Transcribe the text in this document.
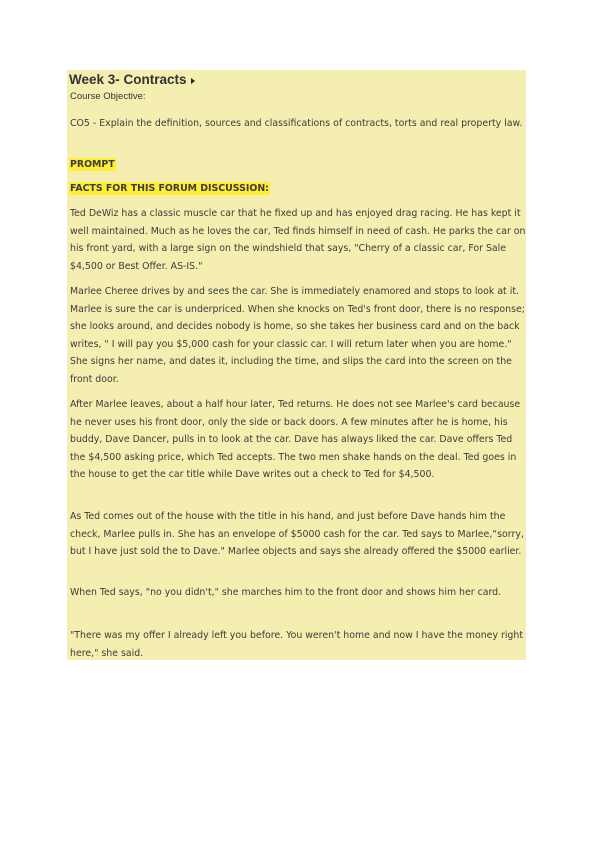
Week 3- Contracts
Course Objective:
CO5 - Explain the definition, sources and classifications of contracts, torts and real property law.
PROMPT
FACTS FOR THIS FORUM DISCUSSION:
Ted DeWiz has a classic muscle car that he fixed up and has enjoyed drag racing. He has kept it well maintained. Much as he loves the car, Ted finds himself in need of cash. He parks the car on his front yard, with a large sign on the windshield that says, "Cherry of a classic car, For Sale $4,500 or Best Offer. AS-IS."
Marlee Cheree drives by and sees the car. She is immediately enamored and stops to look at it. Marlee is sure the car is underpriced. When she knocks on Ted's front door, there is no response; she looks around, and decides nobody is home, so she takes her business card and on the back writes, " I will pay you $5,000 cash for your classic car. I will return later when you are home." She signs her name, and dates it, including the time, and slips the card into the screen on the front door.
After Marlee leaves, about a half hour later, Ted returns. He does not see Marlee's card because he never uses his front door, only the side or back doors. A few minutes after he is home, his buddy, Dave Dancer, pulls in to look at the car. Dave has always liked the car. Dave offers Ted the $4,500 asking price, which Ted accepts. The two men shake hands on the deal. Ted goes in the house to get the car title while Dave writes out a check to Ted for $4,500.
As Ted comes out of the house with the title in his hand, and just before Dave hands him the check, Marlee pulls in. She has an envelope of $5000 cash for the car. Ted says to Marlee,“sorry, but I have just sold the to Dave." Marlee objects and says she already offered the $5000 earlier.
When Ted says, "no you didn't," she marches him to the front door and shows him her card.
"There was my offer I already left you before. You weren't home and now I have the money right here," she said.
